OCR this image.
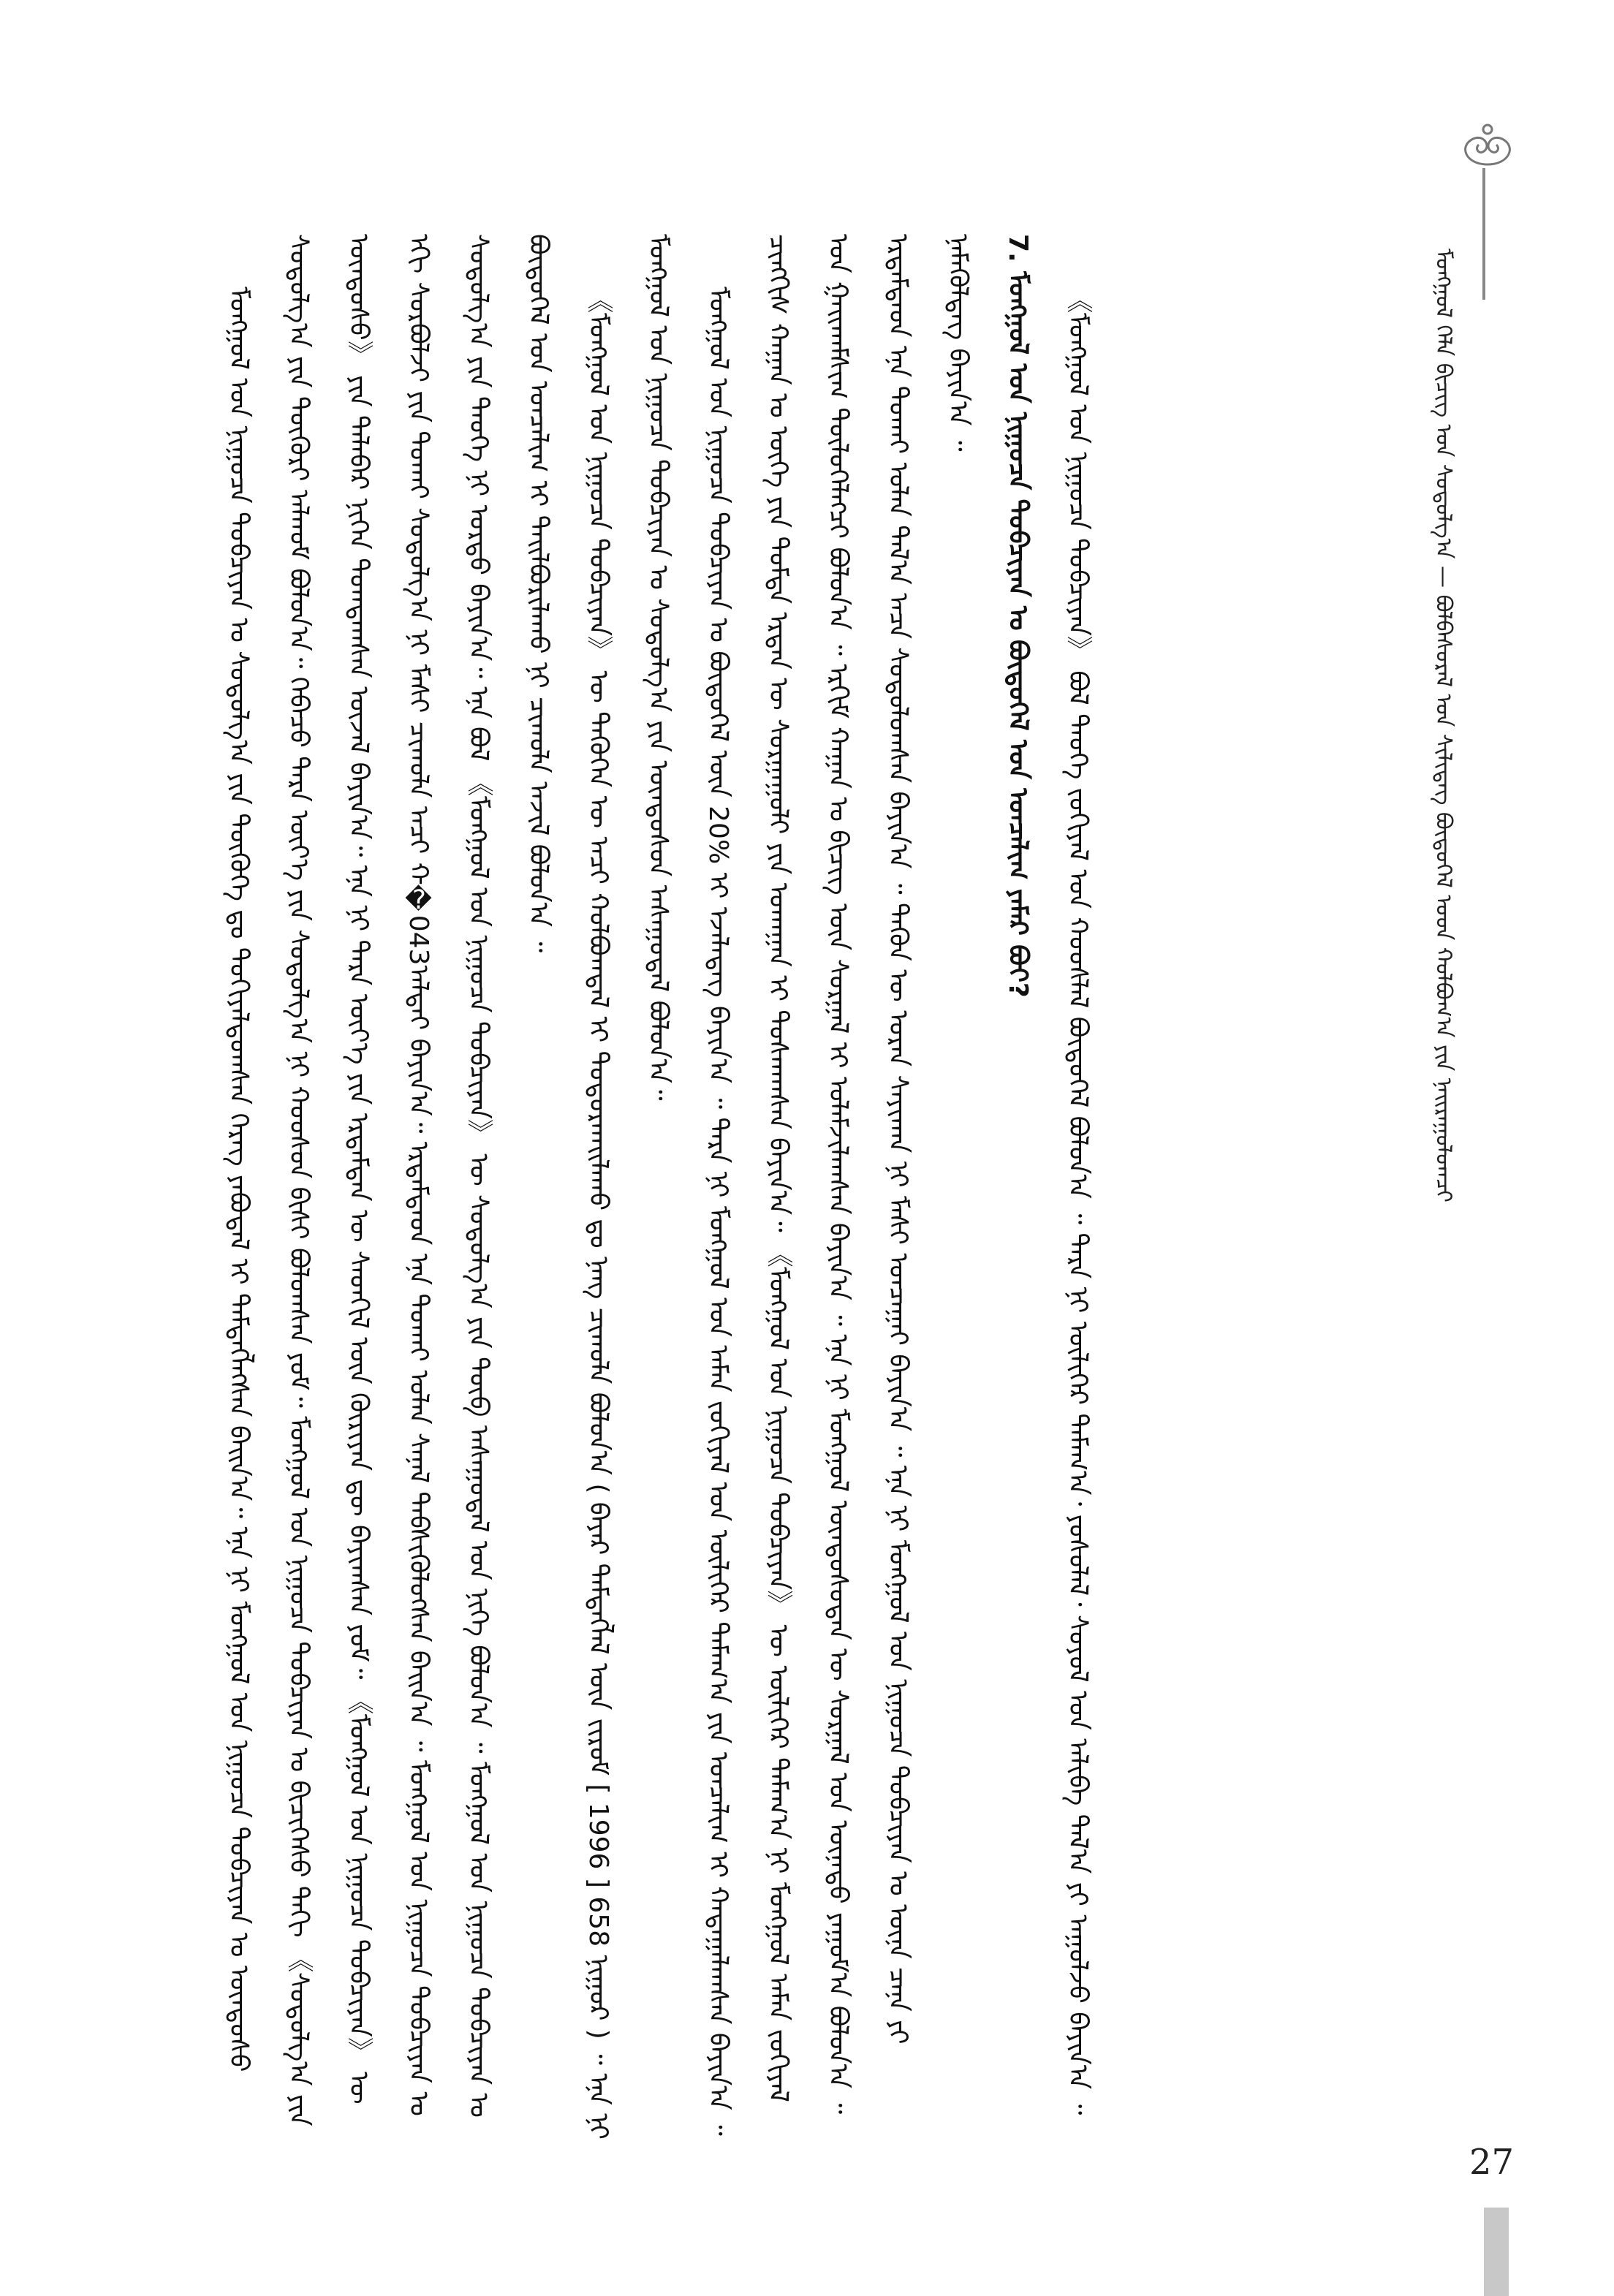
ᠮᠣᠩᠭᠣᠯ ᠬᠡᠯᠡ ᠪᠢᠴᠢᠭ᠌ ᠤᠨ ᠰᠤᠳᠤᠯᠭ᠎ᠠ — ᠪᠤᠯᠪᠠᠰᠤᠷᠠᠯ ᠤᠨ ᠰᠢᠯᠢᠳᠡᠭ ᠪᠦᠲᠦᠭᠡᠯ ᠤᠳ ᠬᠤᠯᠪᠤᠭ᠎ᠠ ᠶᠢᠨ ᠨᠠᠢᠷᠠᠭᠤᠯᠤᠭᠴᠢ

ᠮᠣᠩᠭᠣᠯ ᠤᠨ ᠨᠢᠭᠤᠴᠠ ᠲᠣᠪᠴᠢᠶᠠᠨ ᠤ ᠰᠤᠳᠤᠯᠭ᠎ᠠ ᠶᠢᠨ ᠲᠦᠬᠦᠬᠡ ᠳᠤ ᠲᠣᠬᠢᠶᠠᠯᠳᠤᠭᠰᠠᠨ ᠬᠡᠷᠡᠭ ᠶᠠᠪᠤᠳᠠᠯ ᠢ ᠲᠡᠮᠳᠡᠭᠯᠡᠭᠰᠡᠨ ᠪᠠᠢᠨ᠎ᠠ᠃ ᠡᠨᠡ ᠨᠢ ᠮᠣᠩᠭᠣᠯ ᠤᠨ ᠨᠢᠭᠤᠴᠠ ᠲᠣᠪᠴᠢᠶᠠᠨ ᠤ ᠦᠨᠳᠦᠰᠦ ᠰᠤᠳᠤᠯᠭ᠎ᠠ ᠶᠢᠨ ᠲᠦᠭᠦᠷᠢ ᠠᠯᠬᠤᠮ ᠪᠣᠯᠤᠨ᠎ᠠ᠃ ᠭᠡᠪᠡᠴᠦ ᠲᠡᠷᠡ ᠦᠶ᠎ᠡ ᠶᠢᠨ ᠰᠤᠳᠤᠯᠭ᠎ᠠ ᠨᠢ ᠬᠣᠣᠰᠤᠨ ᠪᠢᠰᠢ ᠪᠣᠯᠤᠭᠰᠠᠨ ᠶᠤᠮ᠃ ᠮᠣᠩᠭᠣᠯ ᠤᠨ ᠨᠢᠭᠤᠴᠠ ᠲᠣᠪᠴᠢᠶᠠᠨ ᠤ ᠪᠢᠴᠢᠭᠡᠰᠦ ᠲᠡᠬᠢ 《ᠰᠤᠳᠤᠯᠭ᠎ᠠ ᠶᠢᠨ ᠦᠨᠳᠦᠰᠦ》 ᠶᠢᠨ ᠲᠠᠯᠠᠪᠠᠷ ᠨᠢᠭᠡᠨ ᠲᠣᠭᠲᠠᠭᠰᠠᠨ ᠦᠵᠡᠯ ᠪᠠᠶᠢᠨ᠎ᠠ᠃ ᠡᠨᠡ ᠨᠢ ᠲᠡᠷᠡ ᠦᠶ᠎ᠡ ᠶᠢᠨ ᠡᠷᠳᠡᠮᠲᠡᠨ ᠦ ᠰᠡᠳᠬᠢᠯ ᠦᠨ ᠬᠦᠷᠢᠶᠡᠨ ᠳᠦ ᠪᠠᠶᠢᠭᠰᠠᠨ ᠶᠤᠮ᠃ 《ᠮᠣᠩᠭᠣᠯ ᠤᠨ ᠨᠢᠭᠤᠴᠠ ᠲᠣᠪᠴᠢᠶᠠᠨ》 ᠦ ᠡᠬᠢ ᠰᠤᠷᠪᠤᠯᠵᠢ ᠶᠢᠨ ᠲᠤᠬᠠᠢ ᠰᠤᠳᠤᠯᠭ᠎ᠠ ᠨᠢ ᠮᠠᠰᠢ ᠴᠢᠬᠤᠯᠠ ᠠᠴᠢ ᠬ�043ᠠᠯᠲᠠᠢ ᠪᠠᠶᠢᠨ᠎ᠠ᠃ ᠡᠷᠳᠡᠮᠲᠡᠳ ᠡᠨᠡ ᠲᠤᠬᠠᠢ ᠣᠯᠠᠨ ᠰᠠᠨᠠᠯ ᠳᠡᠪᠰᠢᠭᠦᠯᠦᠭᠰᠡᠨ ᠪᠠᠢᠨ᠎ᠠ ᠃ ᠮᠣᠩᠭᠣᠯ ᠤᠨ ᠨᠢᠭᠤᠴᠠ ᠲᠣᠪᠴᠢᠶᠠᠨ ᠤ ᠰᠤᠳᠤᠯᠭ᠎ᠠ ᠶᠢᠨ ᠲᠡᠦᠬᠡ ᠨᠢ ᠤᠷᠲᠤ ᠪᠠᠶᠢᠨ᠎ᠠ᠃ ᠡᠨᠡ ᠪᠣᠯ 《ᠮᠣᠩᠭᠣᠯ ᠤᠨ ᠨᠢᠭᠤᠴᠠ ᠲᠣᠪᠴᠢᠶᠠᠨ》 ᠦ ᠰᠤᠳᠤᠯᠭ᠎ᠠ ᠶᠢᠨ ᠲᠦᠪ ᠠᠰᠠᠭᠤᠳᠠᠯ ᠤᠨ ᠨᠢᠭᠡ ᠪᠣᠯᠤᠨ᠎ᠠ ᠃ ᠮᠣᠩᠭᠣᠯ ᠤᠨ ᠨᠢᠭᠤᠴᠠ ᠲᠣᠪᠴᠢᠶᠠᠨ ᠤ ᠪᠦᠲᠦᠭᠡᠯ ᠤᠨ ᠣᠨᠴᠠᠯᠢᠭ ᠢ ᠲᠠᠢᠯᠪᠤᠷᠢᠯᠠᠬᠤ ᠨᠢ ᠴᠢᠬᠤᠯᠠ ᠠᠵᠢᠯ ᠪᠣᠯᠤᠨ᠎ᠠ ᠃	《ᠮᠣᠩᠭᠣᠯ ᠤᠨ ᠨᠢᠭᠤᠴᠠ ᠲᠣᠪᠴᠢᠶᠠᠨ》 ᠦ ᠲᠡᠬᠦᠬᠡᠨ ᠦ ᠠᠴᠢ ᠬᠣᠯᠪᠣᠭᠳᠠᠯ ᠢ ᠲᠣᠳᠤᠷᠬᠠᠢᠯᠠᠬᠤ ᠳᠤ ᠨᠡᠩ ᠴᠢᠬᠤᠯᠠ ᠪᠣᠯᠤᠨ᠎ᠠ ( ᠪᠠᠶᠠᠷ ᠲᠡᠮᠳᠡᠭᠯᠡᠯ ᠦᠨ ᠵᠢᠷᠤᠮ [ 1996 ] 658 ᠨᠢᠭᠤᠷ ) ᠃ ᠡᠨᠡ ᠨᠢ ᠮᠣᠩᠭᠣᠯ ᠤᠨ ᠨᠢᠭᠤᠴᠠ ᠲᠣᠪᠴᠢᠶᠠᠨ ᠤ ᠰᠤᠳᠤᠯᠭ᠎ᠠ ᠶᠢᠨ ᠦᠨᠳᠦᠰᠦᠨ ᠠᠰᠠᠭᠤᠳᠠᠯ ᠪᠣᠯᠤᠨ᠎ᠠ᠃	ᠮᠣᠩᠭᠣᠯ ᠤᠨ ᠨᠢᠭᠤᠴᠠ ᠲᠣᠪᠴᠢᠶᠠᠨ ᠤ ᠪᠦᠲᠦᠭᠡᠯ ᠦᠨ 20% ᠢ ᠡᠵᠡᠯᠡᠳᠡᠭ ᠪᠠᠶᠢᠨ᠎ᠠ ᠃ ᠲᠡᠷᠡ ᠨᠢ ᠮᠣᠩᠭᠣᠯ ᠤᠨ ᠠᠮᠠᠨ ᠵᠣᠬᠢᠶᠠᠯ ᠤᠨ ᠦᠯᠢᠭᠡᠷ ᠲᠠᠮᠠᠭ᠎ᠠ ᠶᠢᠨ ᠣᠨᠴᠠᠯᠢᠭ ᠢ ᠬᠠᠳᠠᠭᠠᠯᠠᠭᠰᠠᠨ ᠪᠠᠶᠢᠨ᠎ᠠ ᠃ ᠴᠢᠩᠭᠢᠰ ᠬᠠᠭᠠᠨ ᠤ ᠦᠭᠡ ᠶᠢᠨ ᠳᠤᠮᠳᠠ ᠡᠷᠲᠡᠨ ᠦ ᠰᠤᠷᠭᠠᠭᠤᠯᠢ ᠶᠢᠨ ᠤᠬᠠᠭᠠᠨ ᠢ ᠲᠤᠰᠬᠠᠭᠰᠠᠨ ᠪᠠᠶᠢᠨ᠎ᠠ᠃ 《ᠮᠣᠩᠭᠣᠯ ᠤᠨ ᠨᠢᠭᠤᠴᠠ ᠲᠣᠪᠴᠢᠶᠠᠨ》 ᠦ ᠦᠯᠢᠭᠡᠷ ᠲᠠᠮᠠᠭ᠎ᠠ ᠨᠢ ᠮᠣᠩᠭᠣᠯ ᠠᠮᠠᠨ ᠵᠣᠬᠢᠶᠠᠯ ᠤᠨ ᠭᠠᠢᠬᠠᠮᠰᠢᠭ ᠲᠥᠯᠦᠭᠡᠯᠡᠭᠴᠢ ᠪᠣᠯᠤᠨ᠎ᠠ ᠃ ᠡᠷᠬᠢᠮ ᠬᠠᠭᠠᠨ ᠤ ᠪᠢᠴᠢᠭ ᠦᠨ ᠰᠤᠷᠭᠠᠯ ᠢ ᠤᠯᠠᠮᠵᠢᠯᠠᠭᠰᠠᠨ ᠪᠠᠶᠢᠨ᠎ᠠ ᠃ ᠡᠨᠡ ᠨᠢ ᠮᠣᠩᠭᠣᠯ ᠦᠨᠳᠦᠰᠦᠲᠡᠨ ᠦ ᠰᠤᠷᠭᠠᠯ ᠤᠨ ᠦᠨᠡᠲᠦ ᠶᠠᠭᠤᠮ᠎ᠠ ᠪᠣᠯᠤᠨ᠎ᠠ ᠃ ᠡᠷᠳᠡᠮᠲᠡᠳ ᠡᠨᠡ ᠲᠤᠬᠠᠢ ᠣᠯᠠᠨ ᠲᠠᠯ᠎ᠠ ᠠᠴᠠ ᠰᠤᠳᠤᠯᠤᠭᠰᠠᠨ ᠪᠠᠶᠢᠨ᠎ᠠ ᠃ ᠲᠡᠭᠦᠨ ᠦ ᠤᠷᠠᠨ ᠰᠠᠶᠢᠬᠠᠨ ᠨᠢ ᠮᠠᠰᠢ ᠣᠨᠴᠠᠭᠠᠢ ᠪᠠᠶᠢᠨ᠎ᠠ ᠃ ᠡᠨᠡ ᠨᠢ ᠮᠣᠩᠭᠣᠯ ᠤᠨ ᠨᠢᠭᠤᠴᠠ ᠲᠣᠪᠴᠢᠶᠠᠨ ᠤ ᠦᠨᠡ ᠴᠡᠨᠡ ᠶᠢ ᠨᠡᠮᠡᠭᠦᠯᠳᠡᠭ ᠪᠠᠶᠢᠨ᠎ᠠ ᠃	7. ᠮᠣᠩᠭᠣᠯ ᠤᠨ ᠨᠢᠭᠤᠴᠠ ᠲᠣᠪᠴᠢᠶᠠᠨ ᠤ ᠪᠦᠲᠦᠭᠡᠯ ᠤᠨ ᠣᠨᠴᠠᠯᠢᠭ ᠶᠠᠮᠠᠷ ᠪᠣᠢ?	《ᠮᠣᠩᠭᠣᠯ ᠤᠨ ᠨᠢᠭᠤᠴᠠ ᠲᠣᠪᠴᠢᠶᠠᠨ》 ᠪᠣᠯ ᠲᠡᠦᠬᠡ ᠵᠣᠬᠢᠶᠠᠯ ᠤᠨ ᠬᠣᠣᠰᠯᠠᠯ ᠪᠦᠲᠦᠭᠡᠯ ᠪᠣᠯᠤᠨ᠎ᠠ ᠃ ᠲᠡᠷᠡ ᠨᠢ ᠦᠯᠢᠭᠡᠷ ᠲᠠᠮᠠᠭ᠎ᠠ᠂ ᠶᠣᠰᠤᠯᠠᠯ᠂ ᠰᠣᠶᠣᠯ ᠤᠨ ᠠᠯᠢᠪᠠ ᠲᠠᠯ᠎ᠠ ᠶᠢ ᠠᠭᠤᠯᠵᠤ ᠪᠠᠶᠢᠨ᠎ᠠ ᠃

27
